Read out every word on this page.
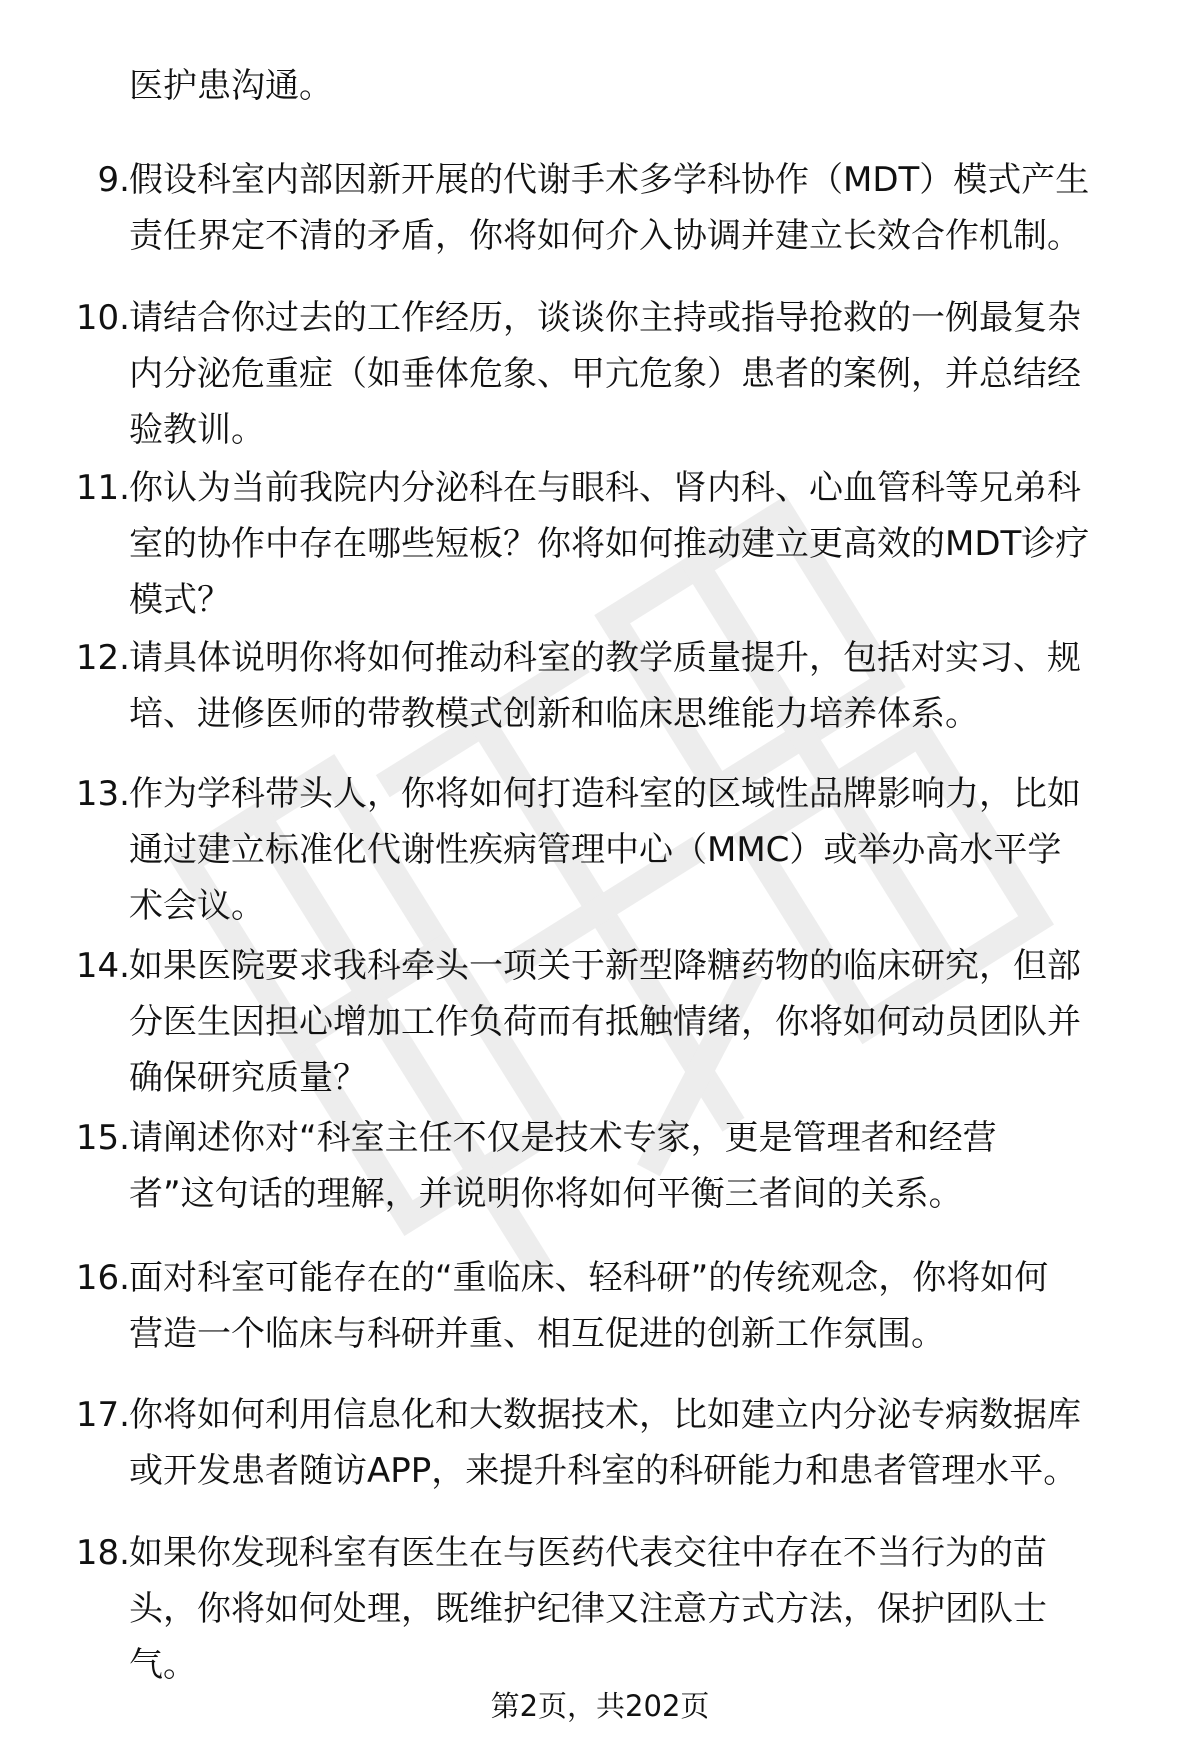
医护患沟通。
9. 假设科室内部因新开展的代谢手术多学科协作（MDT）模式产生
责任界定不清的矛盾，你将如何介入协调并建立长效合作机制。
10. 请结合你过去的工作经历，谈谈你主持或指导抢救的一例最复杂
内分泌危重症（如垂体危象、甲亢危象）患者的案例，并总结经
验教训。
11. 你认为当前我院内分泌科在与眼科、肾内科、心血管科等兄弟科
室的协作中存在哪些短板？你将如何推动建立更高效的MDT诊疗
模式？
12. 请具体说明你将如何推动科室的教学质量提升，包括对实习、规
培、进修医师的带教模式创新和临床思维能力培养体系。
13. 作为学科带头人，你将如何打造科室的区域性品牌影响力，比如
通过建立标准化代谢性疾病管理中心（MMC）或举办高水平学
术会议。
14. 如果医院要求我科牵头一项关于新型降糖药物的临床研究，但部
分医生因担心增加工作负荷而有抵触情绪，你将如何动员团队并
确保研究质量？
15. 请阐述你对“科室主任不仅是技术专家，更是管理者和经营
者”这句话的理解，并说明你将如何平衡三者间的关系。
16. 面对科室可能存在的“重临床、轻科研”的传统观念，你将如何
营造一个临床与科研并重、相互促进的创新工作氛围。
17. 你将如何利用信息化和大数据技术，比如建立内分泌专病数据库
或开发患者随访APP，来提升科室的科研能力和患者管理水平。
18. 如果你发现科室有医生在与医药代表交往中存在不当行为的苗
头，你将如何处理，既维护纪律又注意方式方法，保护团队士
气。
第2页，共202页
